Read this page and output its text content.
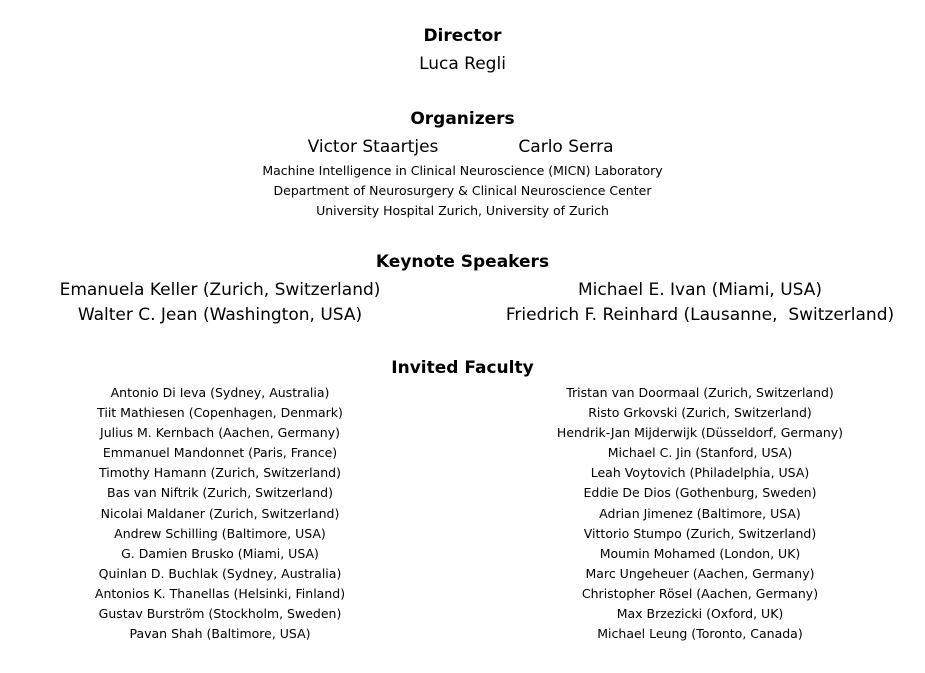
Director
Luca Regli
Organizers
Victor Staartjes	Carlo Serra
Machine Intelligence in Clinical Neuroscience (MICN) Laboratory
Department of Neurosurgery & Clinical Neuroscience Center
University Hospital Zurich, University of Zurich
Keynote Speakers
Emanuela Keller (Zurich, Switzerland)
Walter C. Jean (Washington, USA)
Michael E. Ivan (Miami, USA)
Friedrich F. Reinhard (Lausanne,  Switzerland)
Invited Faculty
Antonio Di Ieva (Sydney, Australia)
Tiit Mathiesen (Copenhagen, Denmark)
Julius M. Kernbach (Aachen, Germany)
Emmanuel Mandonnet (Paris, France)
Timothy Hamann (Zurich, Switzerland)
Bas van Niftrik (Zurich, Switzerland)
Nicolai Maldaner (Zurich, Switzerland)
Andrew Schilling (Baltimore, USA)
G. Damien Brusko (Miami, USA)
Quinlan D. Buchlak (Sydney, Australia)
Antonios K. Thanellas (Helsinki, Finland)
Gustav Burström (Stockholm, Sweden)
Pavan Shah (Baltimore, USA)
Tristan van Doormaal (Zurich, Switzerland)
Risto Grkovski (Zurich, Switzerland)
Hendrik-Jan Mijderwijk (Düsseldorf, Germany)
Michael C. Jin (Stanford, USA)
Leah Voytovich (Philadelphia, USA)
Eddie De Dios (Gothenburg, Sweden)
Adrian Jimenez (Baltimore, USA)
Vittorio Stumpo (Zurich, Switzerland)
Moumin Mohamed (London, UK)
Marc Ungeheuer (Aachen, Germany)
Christopher Rösel (Aachen, Germany)
Max Brzezicki (Oxford, UK)
Michael Leung (Toronto, Canada)
